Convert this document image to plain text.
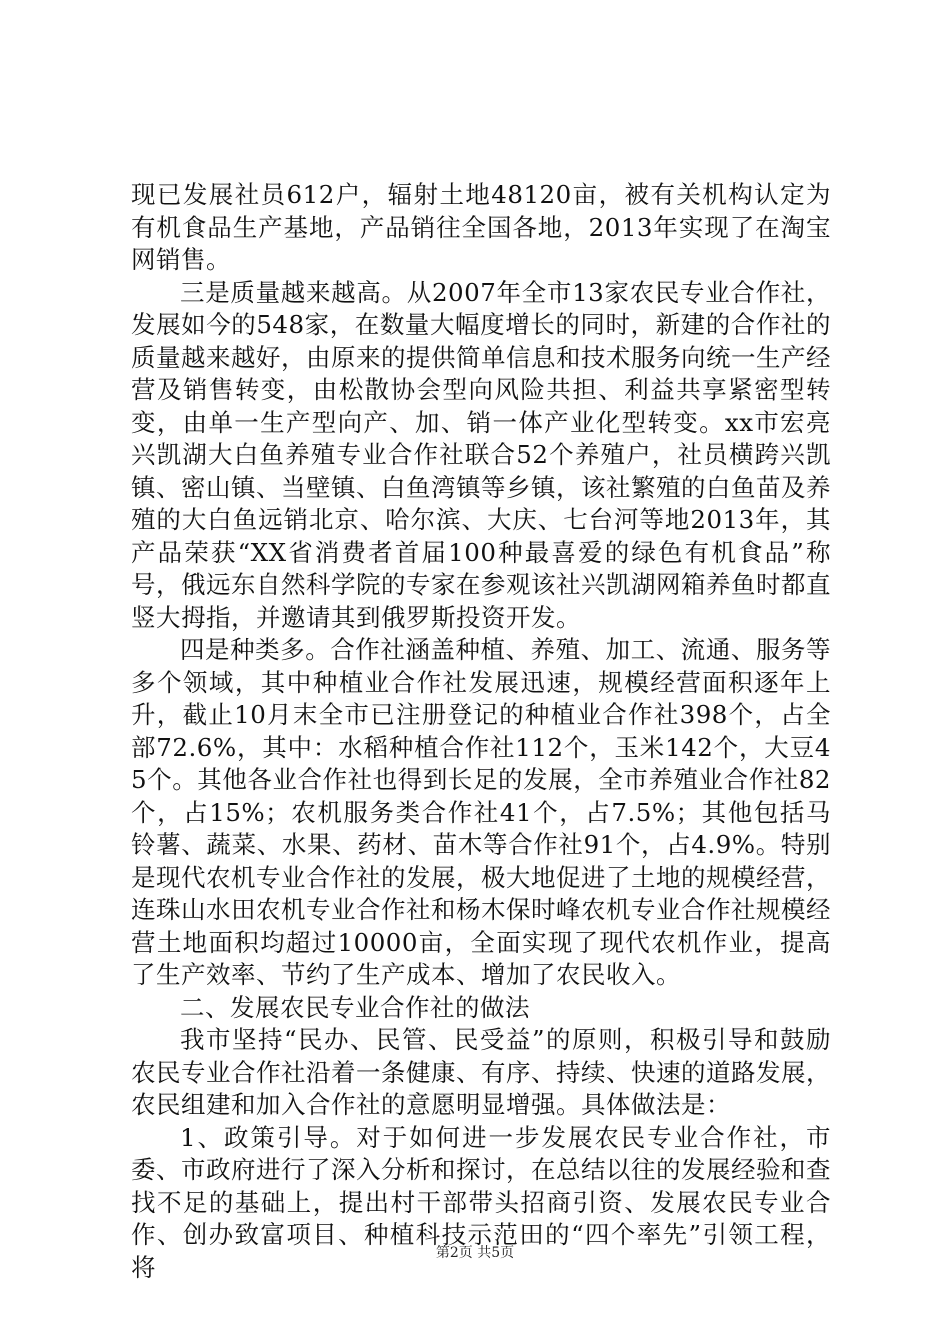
现已发展社员612户，辐射土地48120亩，被有关机构认定为有机食品生产基地，产品销往全国各地，2013年实现了在淘宝网销售。

三是质量越来越高。从2007年全市13家农民专业合作社，发展如今的548家，在数量大幅度增长的同时，新建的合作社的质量越来越好，由原来的提供简单信息和技术服务向统一生产经营及销售转变，由松散协会型向风险共担、利益共享紧密型转变，由单一生产型向产、加、销一体产业化型转变。xx市宏亮兴凯湖大白鱼养殖专业合作社联合52个养殖户，社员横跨兴凯镇、密山镇、当壁镇、白鱼湾镇等乡镇，该社繁殖的白鱼苗及养殖的大白鱼远销北京、哈尔滨、大庆、七台河等地2013年，其产品荣获“XX省消费者首届100种最喜爱的绿色有机食品”称号，俄远东自然科学院的专家在参观该社兴凯湖网箱养鱼时都直竖大拇指，并邀请其到俄罗斯投资开发。

四是种类多。合作社涵盖种植、养殖、加工、流通、服务等多个领域，其中种植业合作社发展迅速，规模经营面积逐年上升，截止10月末全市已注册登记的种植业合作社398个，占全部72.6%，其中：水稻种植合作社112个，玉米142个，大豆45个。其他各业合作社也得到长足的发展，全市养殖业合作社82个，占15%；农机服务类合作社41个，占7.5%；其他包括马铃薯、蔬菜、水果、药材、苗木等合作社91个，占4.9%。特别是现代农机专业合作社的发展，极大地促进了土地的规模经营，连珠山水田农机专业合作社和杨木保时峰农机专业合作社规模经营土地面积均超过10000亩，全面实现了现代农机作业，提高了生产效率、节约了生产成本、增加了农民收入。

二、发展农民专业合作社的做法

我市坚持“民办、民管、民受益”的原则，积极引导和鼓励农民专业合作社沿着一条健康、有序、持续、快速的道路发展，农民组建和加入合作社的意愿明显增强。具体做法是：

1、政策引导。对于如何进一步发展农民专业合作社，市委、市政府进行了深入分析和探讨，在总结以往的发展经验和查找不足的基础上，提出村干部带头招商引资、发展农民专业合作、创办致富项目、种植科技示范田的“四个率先”引领工程，将	第2页 共5页
